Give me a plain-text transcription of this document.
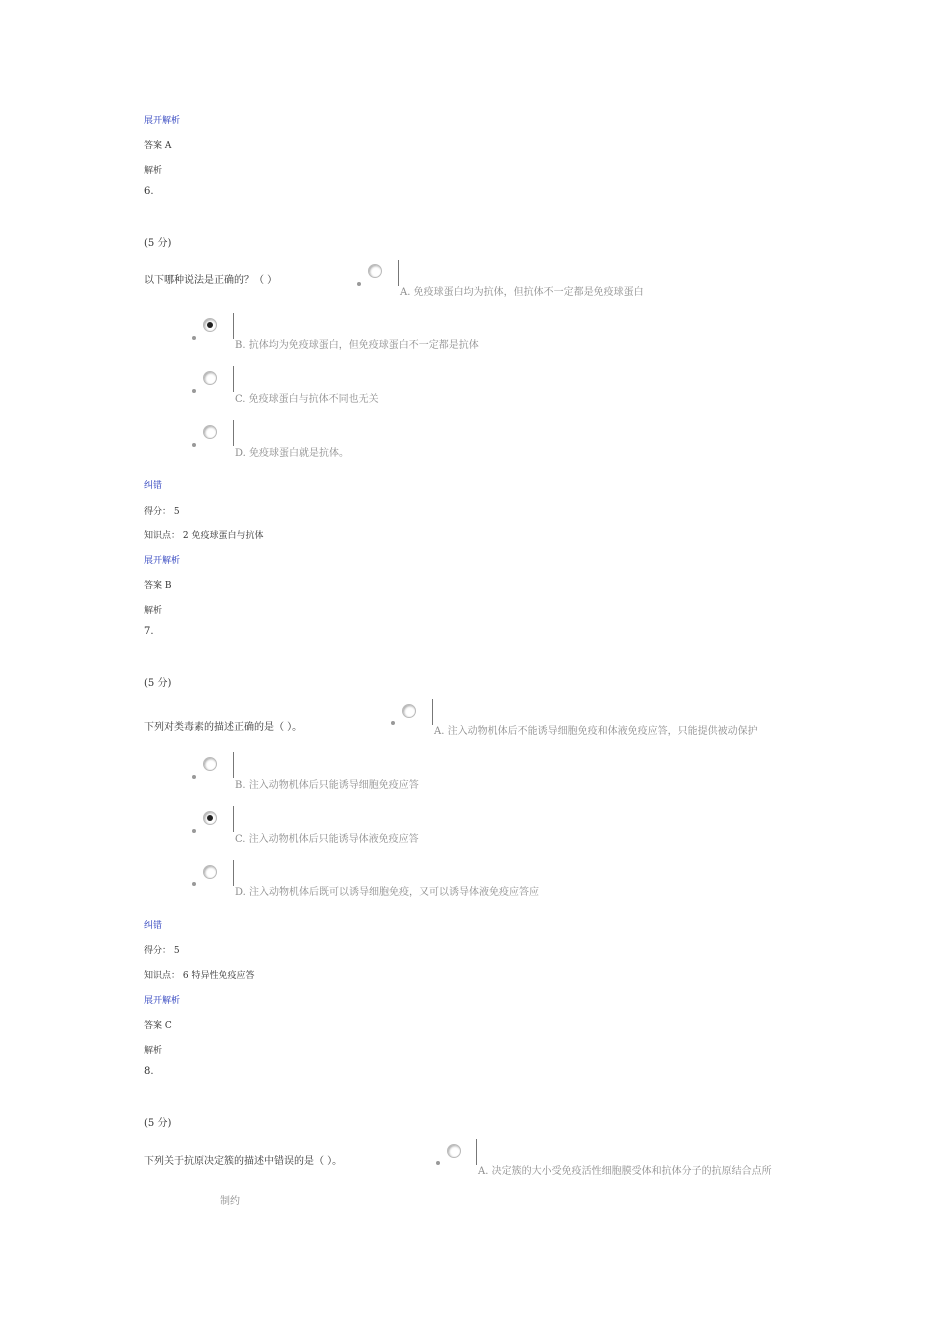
展开解析
答案 A
解析
6.
(5 分)
以下哪种说法是正确的？（ ）
A. 免疫球蛋白均为抗体，但抗体不一定都是免疫球蛋白
B. 抗体均为免疫球蛋白，但免疫球蛋白不一定都是抗体
C. 免疫球蛋白与抗体不同也无关
D. 免疫球蛋白就是抗体。
纠错
得分： 5
知识点： 2 免疫球蛋白与抗体
展开解析
答案 B
解析
7.
(5 分)
下列对类毒素的描述正确的是（ ）。	A. 注入动物机体后不能诱导细胞免疫和体液免疫应答，只能提供被动保护
B. 注入动物机体后只能诱导细胞免疫应答
C. 注入动物机体后只能诱导体液免疫应答
D. 注入动物机体后既可以诱导细胞免疫，又可以诱导体液免疫应答应
纠错
得分： 5
知识点： 6 特异性免疫应答
展开解析
答案 C
解析
8.
(5 分)
下列关于抗原决定簇的描述中错误的是（ ）。
A. 决定簇的大小受免疫活性细胞膜受体和抗体分子的抗原结合点所
制约
